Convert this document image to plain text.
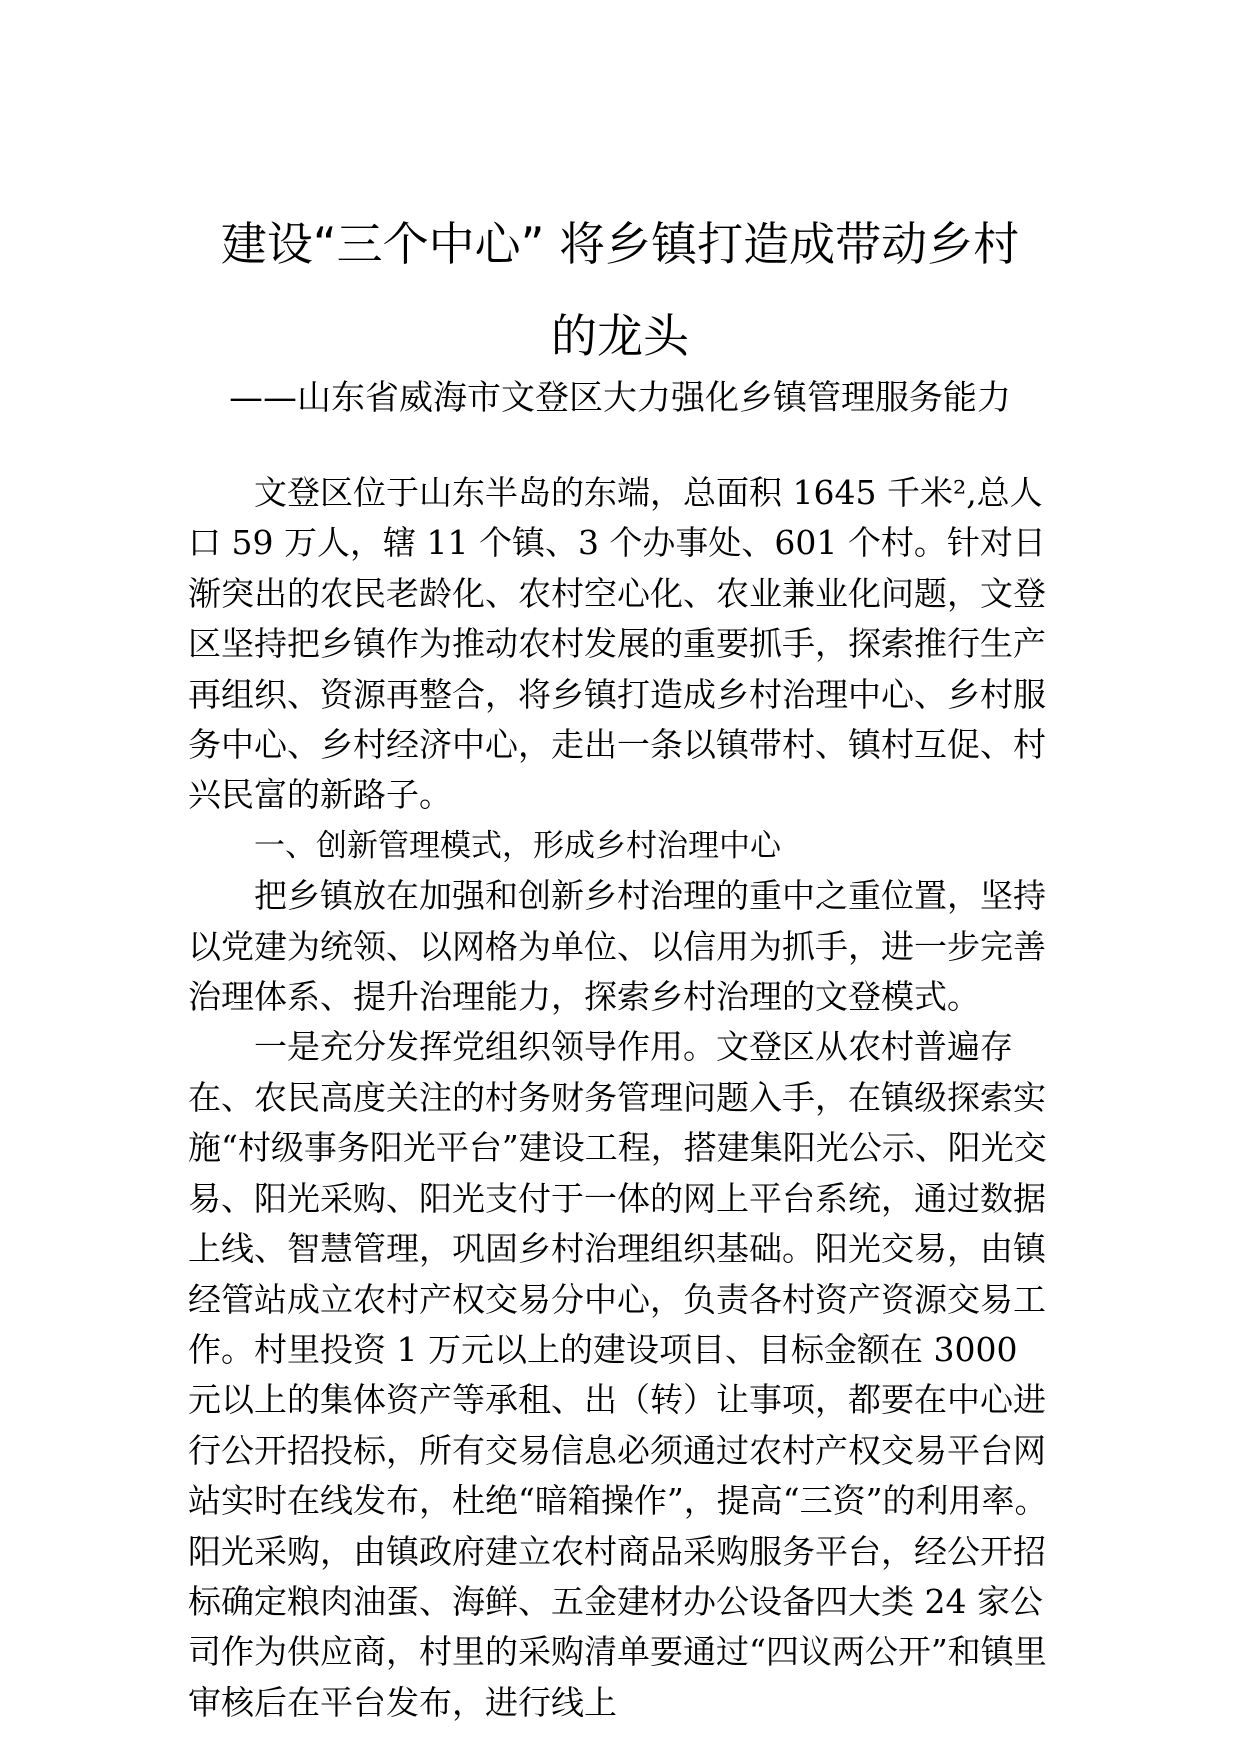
建设“三个中心” 将乡镇打造成带动乡村
的龙头
——山东省威海市文登区大力强化乡镇管理服务能力

文登区位于山东半岛的东端，总面积 1645 千米²,总人口 59 万人，辖 11 个镇、3 个办事处、601 个村。针对日渐突出的农民老龄化、农村空心化、农业兼业化问题，文登区坚持把乡镇作为推动农村发展的重要抓手，探索推行生产再组织、资源再整合，将乡镇打造成乡村治理中心、乡村服务中心、乡村经济中心，走出一条以镇带村、镇村互促、村兴民富的新路子。

一、创新管理模式，形成乡村治理中心

把乡镇放在加强和创新乡村治理的重中之重位置，坚持以党建为统领、以网格为单位、以信用为抓手，进一步完善治理体系、提升治理能力，探索乡村治理的文登模式。

一是充分发挥党组织领导作用。文登区从农村普遍存在、农民高度关注的村务财务管理问题入手，在镇级探索实施“村级事务阳光平台”建设工程，搭建集阳光公示、阳光交易、阳光采购、阳光支付于一体的网上平台系统，通过数据上线、智慧管理，巩固乡村治理组织基础。阳光交易，由镇经管站成立农村产权交易分中心，负责各村资产资源交易工作。村里投资 1 万元以上的建设项目、目标金额在 3000 元以上的集体资产等承租、出（转）让事项，都要在中心进行公开招投标，所有交易信息必须通过农村产权交易平台网站实时在线发布，杜绝“暗箱操作”，提高“三资”的利用率。阳光采购，由镇政府建立农村商品采购服务平台，经公开招标确定粮肉油蛋、海鲜、五金建材办公设备四大类 24 家公司作为供应商，村里的采购清单要通过“四议两公开”和镇里审核后在平台发布，进行线上
